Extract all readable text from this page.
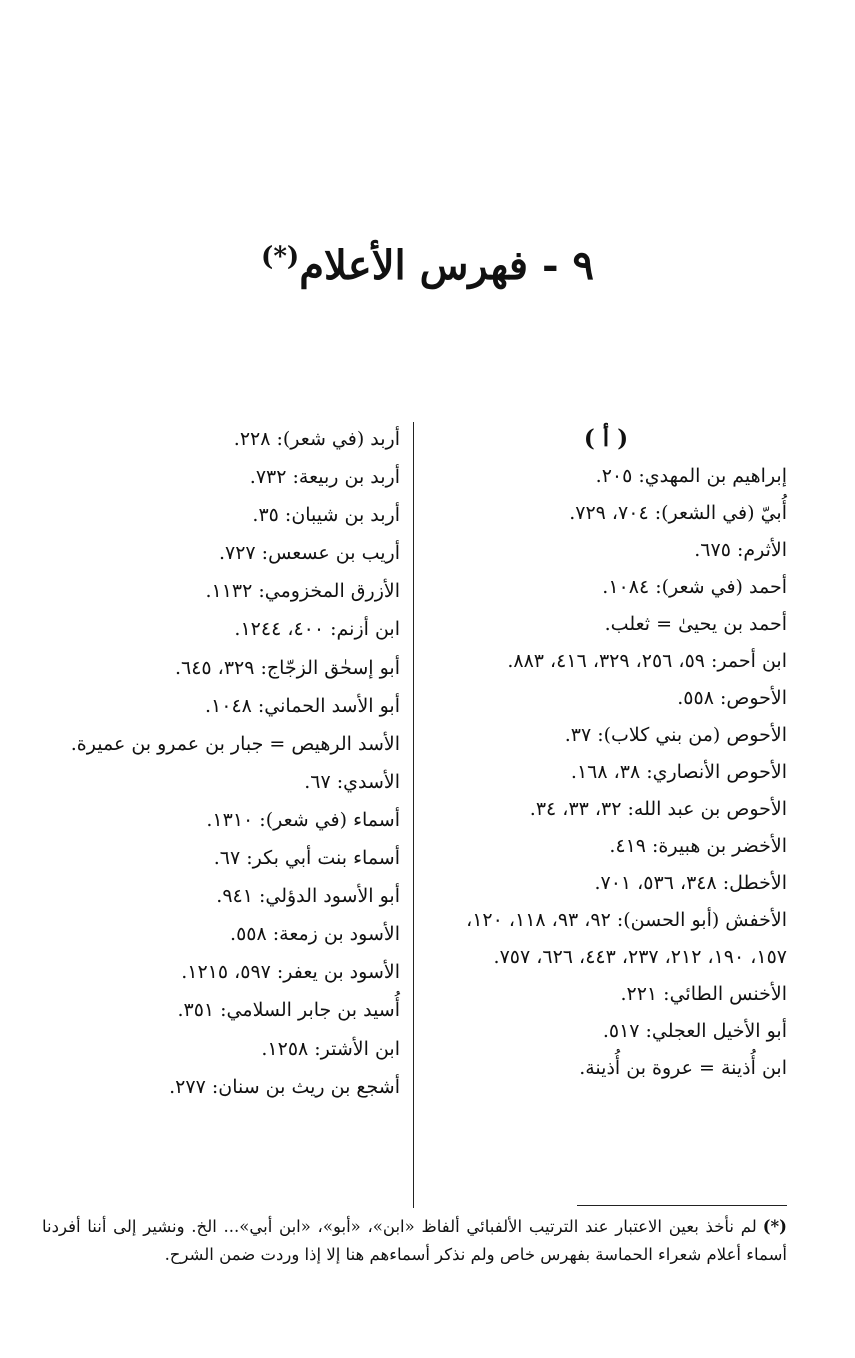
٩ - فهرس الأعلام(*)
( أ )
إبراهيم بن المهدي: ٢٠٥.
أُبيّ (في الشعر): ٧٠٤، ٧٢٩.
الأثرم: ٦٧٥.
أحمد (في شعر): ١٠٨٤.
أحمد بن يحيىٰ = ثعلب.
ابن أحمر: ٥٩، ٢٥٦، ٣٢٩، ٤١٦، ٨٨٣.
الأحوص: ٥٥٨.
الأحوص (من بني كلاب): ٣٧.
الأحوص الأنصاري: ٣٨، ١٦٨.
الأحوص بن عبد الله: ٣٢، ٣٣، ٣٤.
الأخضر بن هبيرة: ٤١٩.
الأخطل: ٣٤٨، ٥٣٦، ٧٠١.
الأخفش (أبو الحسن): ٩٢، ٩٣، ١١٨، ١٢٠، ١٥٧، ١٩٠، ٢١٢، ٢٣٧، ٤٤٣، ٦٢٦، ٧٥٧.
الأخنس الطائي: ٢٢١.
أبو الأخيل العجلي: ٥١٧.
ابن أُذينة = عروة بن أُذينة.
أربد (في شعر): ٢٢٨.
أربد بن ربيعة: ٧٣٢.
أربد بن شيبان: ٣٥.
أريب بن عسعس: ٧٢٧.
الأزرق المخزومي: ١١٣٢.
ابن أزنم: ٤٠٠، ١٢٤٤.
أبو إسحٰق الزجّاج: ٣٢٩، ٦٤٥.
أبو الأسد الحماني: ١٠٤٨.
الأسد الرهيص = جبار بن عمرو بن عميرة.
الأسدي: ٦٧.
أسماء (في شعر): ١٣١٠.
أسماء بنت أبي بكر: ٦٧.
أبو الأسود الدؤلي: ٩٤١.
الأسود بن زمعة: ٥٥٨.
الأسود بن يعفر: ٥٩٧، ١٢١٥.
أُسيد بن جابر السلامي: ٣٥١.
ابن الأشتر: ١٢٥٨.
أشجع بن ريث بن سنان: ٢٧٧.
(*)لم نأخذ بعين الاعتبار عند الترتيب الألفبائي ألفاظ «ابن»، «أبو»، «ابن أبي»... الخ. ونشير إلى أننا أفردنا أسماء أعلام شعراء الحماسة بفهرس خاص ولم نذكر أسماءهم هنا إلا إذا وردت ضمن الشرح.
